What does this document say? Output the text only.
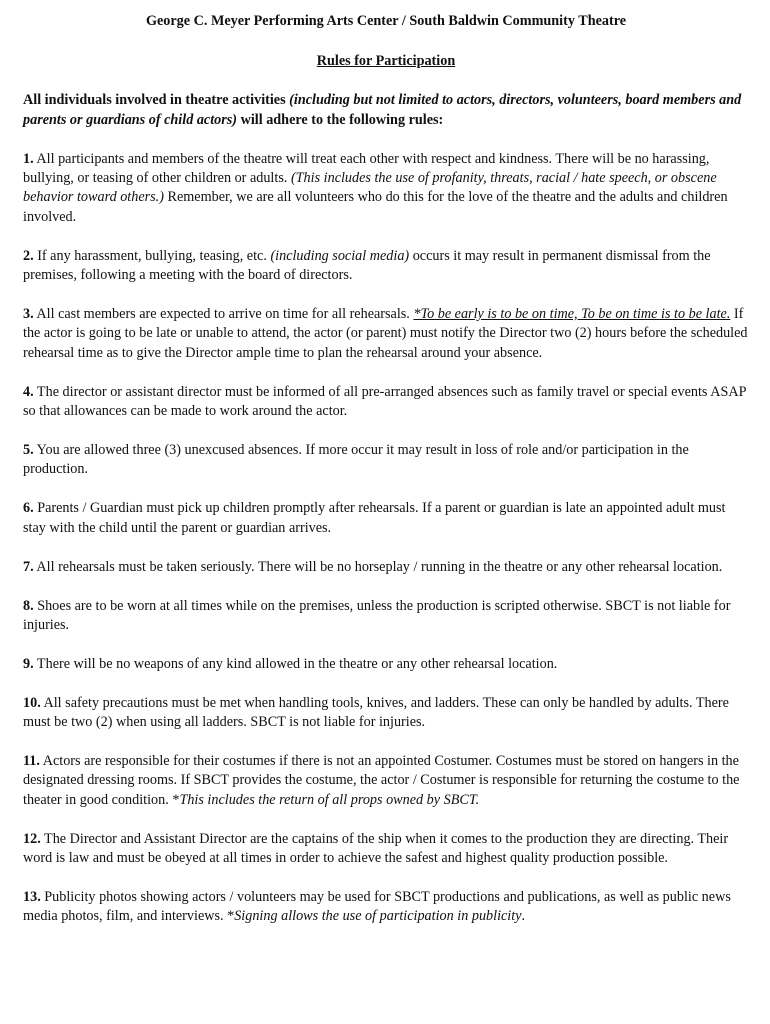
George C. Meyer Performing Arts Center / South Baldwin Community Theatre

Rules for Participation

All individuals involved in theatre activities (including but not limited to actors, directors, volunteers, board members and parents or guardians of child actors) will adhere to the following rules:

1. All participants and members of the theatre will treat each other with respect and kindness. There will be no harassing, bullying, or teasing of other children or adults. (This includes the use of profanity, threats, racial / hate speech, or obscene behavior toward others.) Remember, we are all volunteers who do this for the love of the theatre and the adults and children involved.

2. If any harassment, bullying, teasing, etc. (including social media) occurs it may result in permanent dismissal from the premises, following a meeting with the board of directors.

3. All cast members are expected to arrive on time for all rehearsals. *To be early is to be on time, To be on time is to be late. If the actor is going to be late or unable to attend, the actor (or parent) must notify the Director two (2) hours before the scheduled rehearsal time as to give the Director ample time to plan the rehearsal around your absence.

4. The director or assistant director must be informed of all pre-arranged absences such as family travel or special events ASAP so that allowances can be made to work around the actor.

5. You are allowed three (3) unexcused absences. If more occur it may result in loss of role and/or participation in the production.

6. Parents / Guardian must pick up children promptly after rehearsals. If a parent or guardian is late an appointed adult must stay with the child until the parent or guardian arrives.

7. All rehearsals must be taken seriously. There will be no horseplay / running in the theatre or any other rehearsal location.

8. Shoes are to be worn at all times while on the premises, unless the production is scripted otherwise. SBCT is not liable for injuries.

9. There will be no weapons of any kind allowed in the theatre or any other rehearsal location.

10. All safety precautions must be met when handling tools, knives, and ladders. These can only be handled by adults. There must be two (2) when using all ladders. SBCT is not liable for injuries.

11. Actors are responsible for their costumes if there is not an appointed Costumer. Costumes must be stored on hangers in the designated dressing rooms. If SBCT provides the costume, the actor / Costumer is responsible for returning the costume to the theater in good condition. *This includes the return of all props owned by SBCT.

12. The Director and Assistant Director are the captains of the ship when it comes to the production they are directing. Their word is law and must be obeyed at all times in order to achieve the safest and highest quality production possible.

13. Publicity photos showing actors / volunteers may be used for SBCT productions and publications, as well as public news media photos, film, and interviews. *Signing allows the use of participation in publicity.
